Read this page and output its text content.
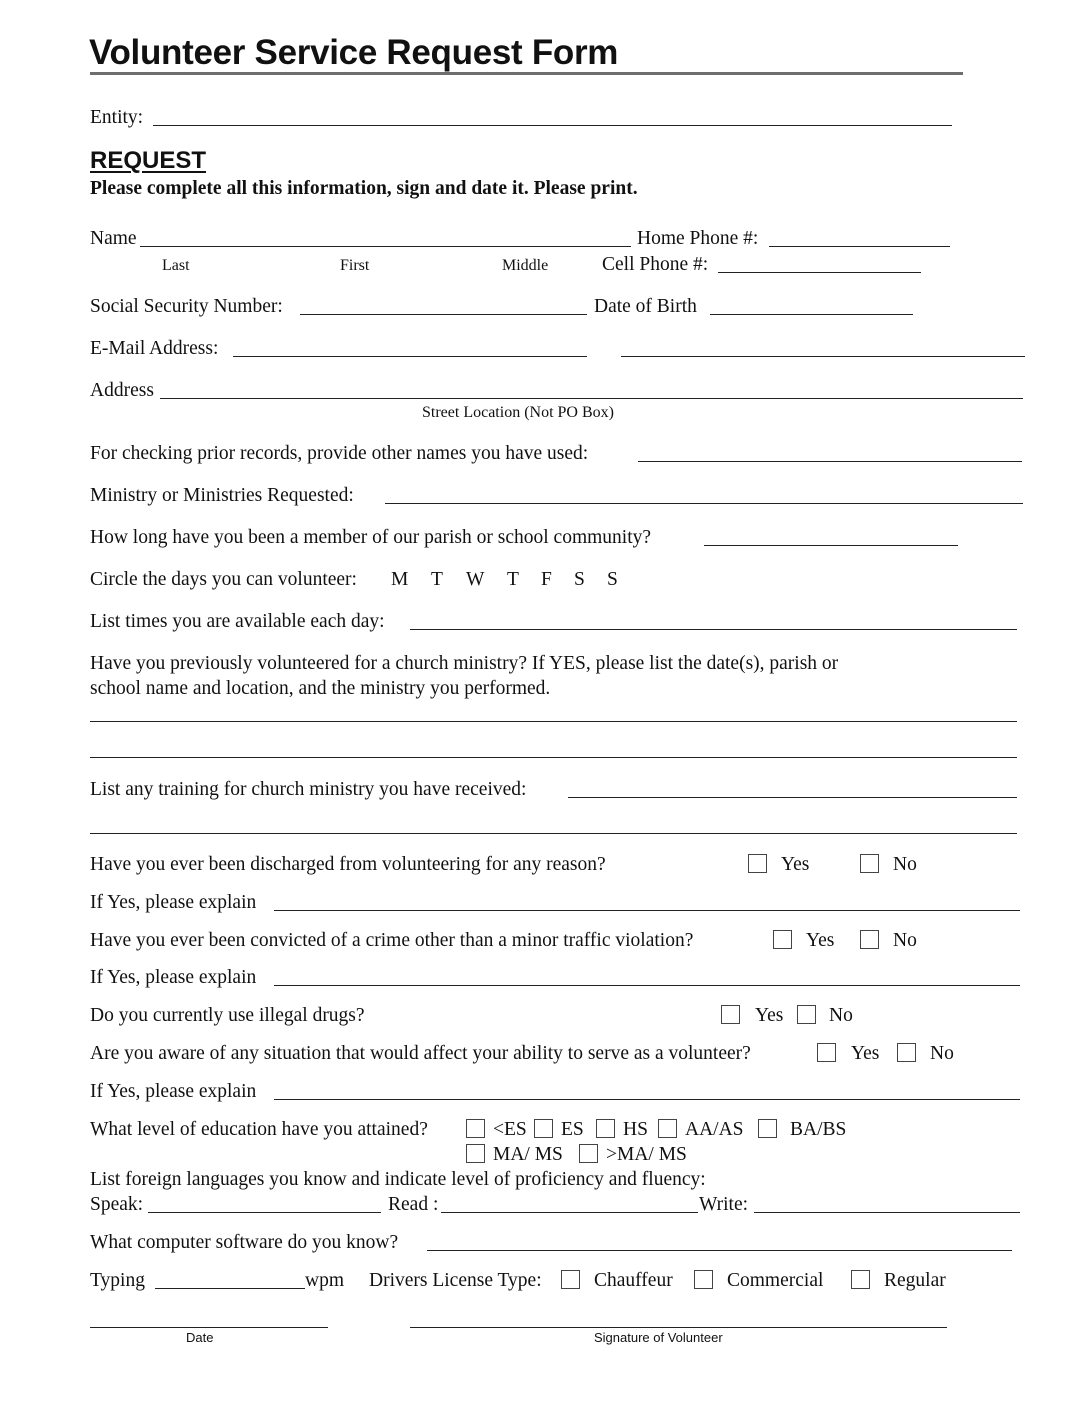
Volunteer Service Request Form
Entity:
REQUEST
Please complete all this information, sign and date it. Please print.
Name	Home Phone #:
Last	First	Middle	Cell Phone #:
Social Security Number:	Date of Birth
E-Mail Address:
Address
Street Location (Not PO Box)
For checking prior records, provide other names you have used:
Ministry or Ministries Requested:
How long have you been a member of our parish or school community?
Circle the days you can volunteer: M T W T F S S
List times you are available each day:
Have you previously volunteered for a church ministry? If YES, please list the date(s), parish or
school name and location, and the ministry you performed.
List any training for church ministry you have received:
Have you ever been discharged from volunteering for any reason?	Yes	No
If Yes, please explain
Have you ever been convicted of a crime other than a minor traffic violation?	Yes	No
If Yes, please explain
Do you currently use illegal drugs?	Yes No
Are you aware of any situation that would affect your ability to serve as a volunteer?	Yes	No
If Yes, please explain
What level of education have you attained?	<ES ES HS AA/AS BA/BS
MA/ MS >MA/ MS
List foreign languages you know and indicate level of proficiency and fluency:
Speak:	Read :	Write:
What computer software do you know?
Typing	wpm Drivers License Type:	Chauffeur	Commercial	Regular
Date	Signature of Volunteer
